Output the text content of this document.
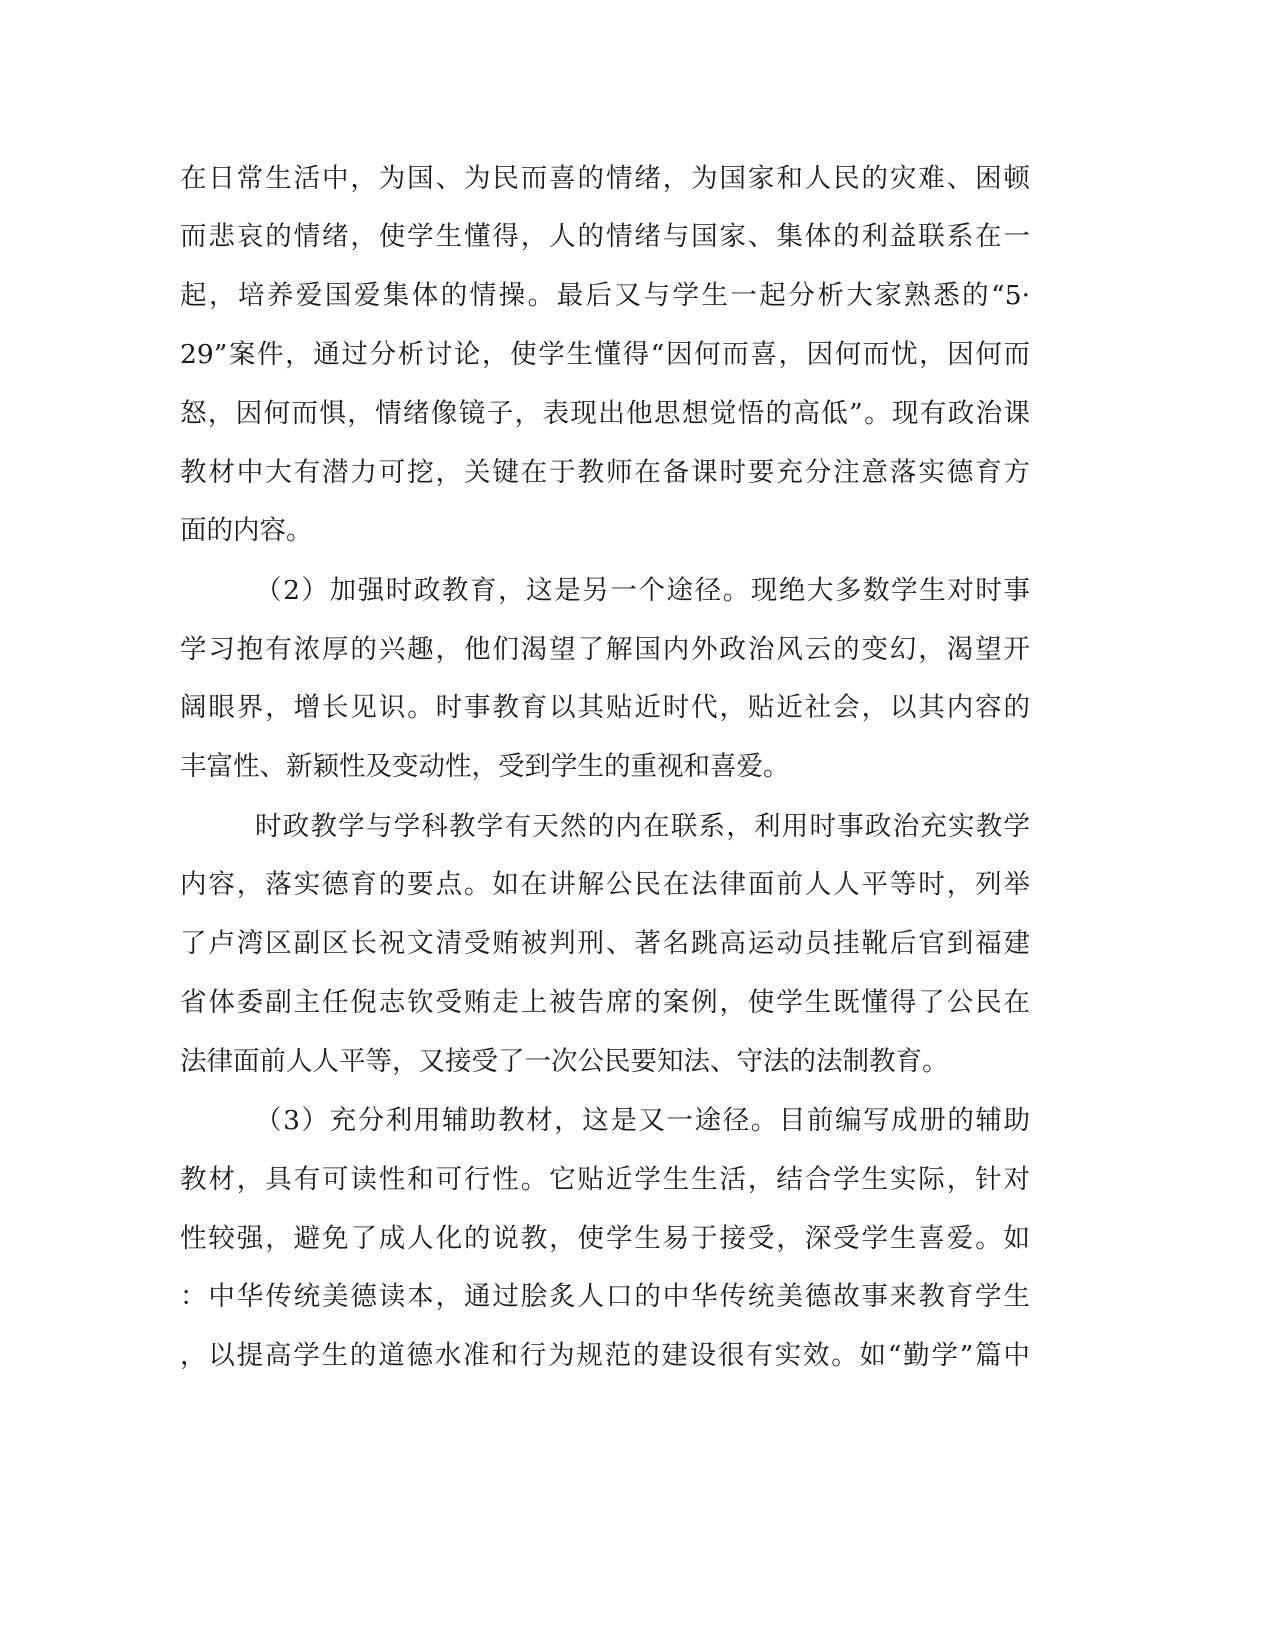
在日常生活中，为国、为民而喜的情绪，为国家和人民的灾难、困顿
而悲哀的情绪，使学生懂得，人的情绪与国家、集体的利益联系在一
起，培养爱国爱集体的情操。最后又与学生一起分析大家熟悉的“5·
29”案件，通过分析讨论，使学生懂得“因何而喜，因何而忧，因何而
怒，因何而惧，情绪像镜子，表现出他思想觉悟的高低”。现有政治课
教材中大有潜力可挖，关键在于教师在备课时要充分注意落实德育方
面的内容。
（2）加强时政教育，这是另一个途径。现绝大多数学生对时事
学习抱有浓厚的兴趣，他们渴望了解国内外政治风云的变幻，渴望开
阔眼界，增长见识。时事教育以其贴近时代，贴近社会，以其内容的
丰富性、新颖性及变动性，受到学生的重视和喜爱。
时政教学与学科教学有天然的内在联系，利用时事政治充实教学
内容，落实德育的要点。如在讲解公民在法律面前人人平等时，列举
了卢湾区副区长祝文清受贿被判刑、著名跳高运动员挂靴后官到福建
省体委副主任倪志钦受贿走上被告席的案例，使学生既懂得了公民在
法律面前人人平等，又接受了一次公民要知法、守法的法制教育。
（3）充分利用辅助教材，这是又一途径。目前编写成册的辅助
教材，具有可读性和可行性。它贴近学生生活，结合学生实际，针对
性较强，避免了成人化的说教，使学生易于接受，深受学生喜爱。如
：中华传统美德读本，通过脍炙人口的中华传统美德故事来教育学生
，以提高学生的道德水准和行为规范的建设很有实效。如“勤学”篇中
